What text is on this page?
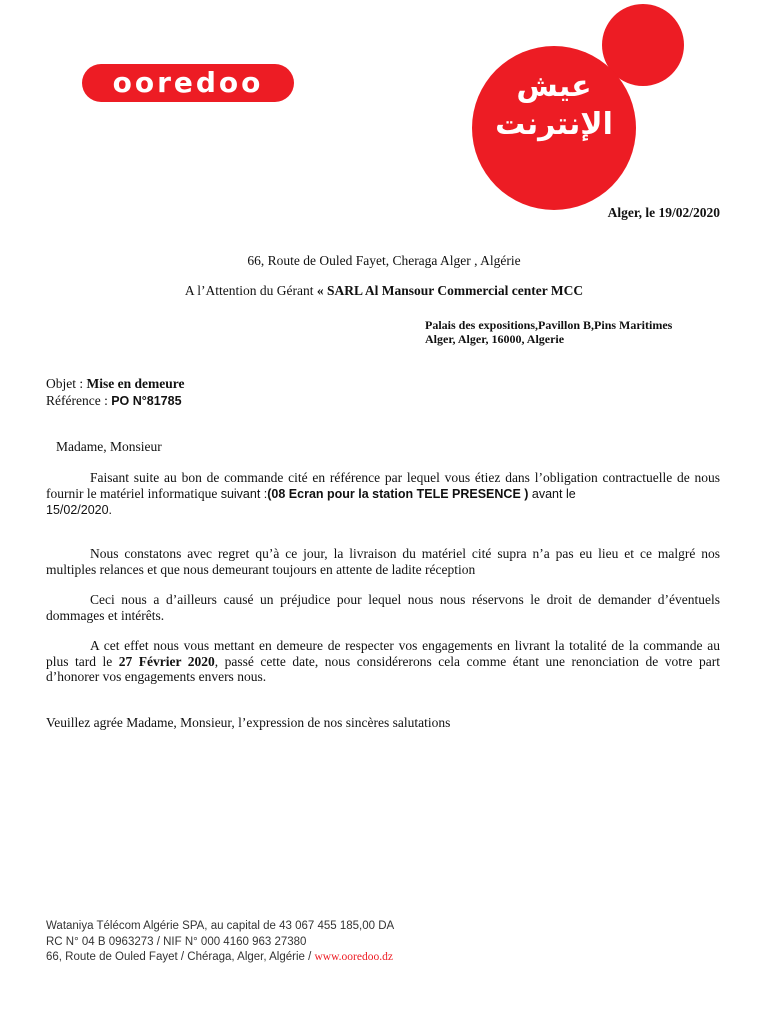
ooredoo	عيش
الإنترنت
Alger, le 19/02/2020
66, Route de Ouled Fayet, Cheraga Alger , Algérie
A l’Attention du Gérant « SARL Al Mansour Commercial center MCC
Palais des expositions,Pavillon B,Pins Maritimes
Alger, Alger, 16000, Algerie
Objet : Mise en demeure
Référence : PO N°81785
Madame, Monsieur
Faisant suite au bon de commande cité en référence par lequel vous étiez dans l’obligation contractuelle de nous fournir le matériel informatique suivant :(08 Ecran pour la station TELE PRESENCE ) avant le
15/02/2020.
Nous constatons avec regret qu’à ce jour, la livraison du matériel cité supra n’a pas eu lieu et ce malgré nos multiples relances et que nous demeurant toujours en attente de ladite réception
Ceci nous a d’ailleurs causé un préjudice pour lequel nous nous réservons le droit de demander d’éventuels dommages et intérêts.
A cet effet nous vous mettant en demeure de respecter vos engagements en livrant la totalité de la commande au plus tard le 27 Février 2020, passé cette date, nous considérerons cela comme étant une renonciation de votre part d’honorer vos engagements envers nous.
Veuillez agrée Madame, Monsieur, l’expression de nos sincères salutations
Wataniya Télécom Algérie SPA, au capital de 43 067 455 185,00 DA
RC N° 04 B 0963273 / NIF N° 000 4160 963 27380
66, Route de Ouled Fayet / Chéraga, Alger, Algérie / www.ooredoo.dz
